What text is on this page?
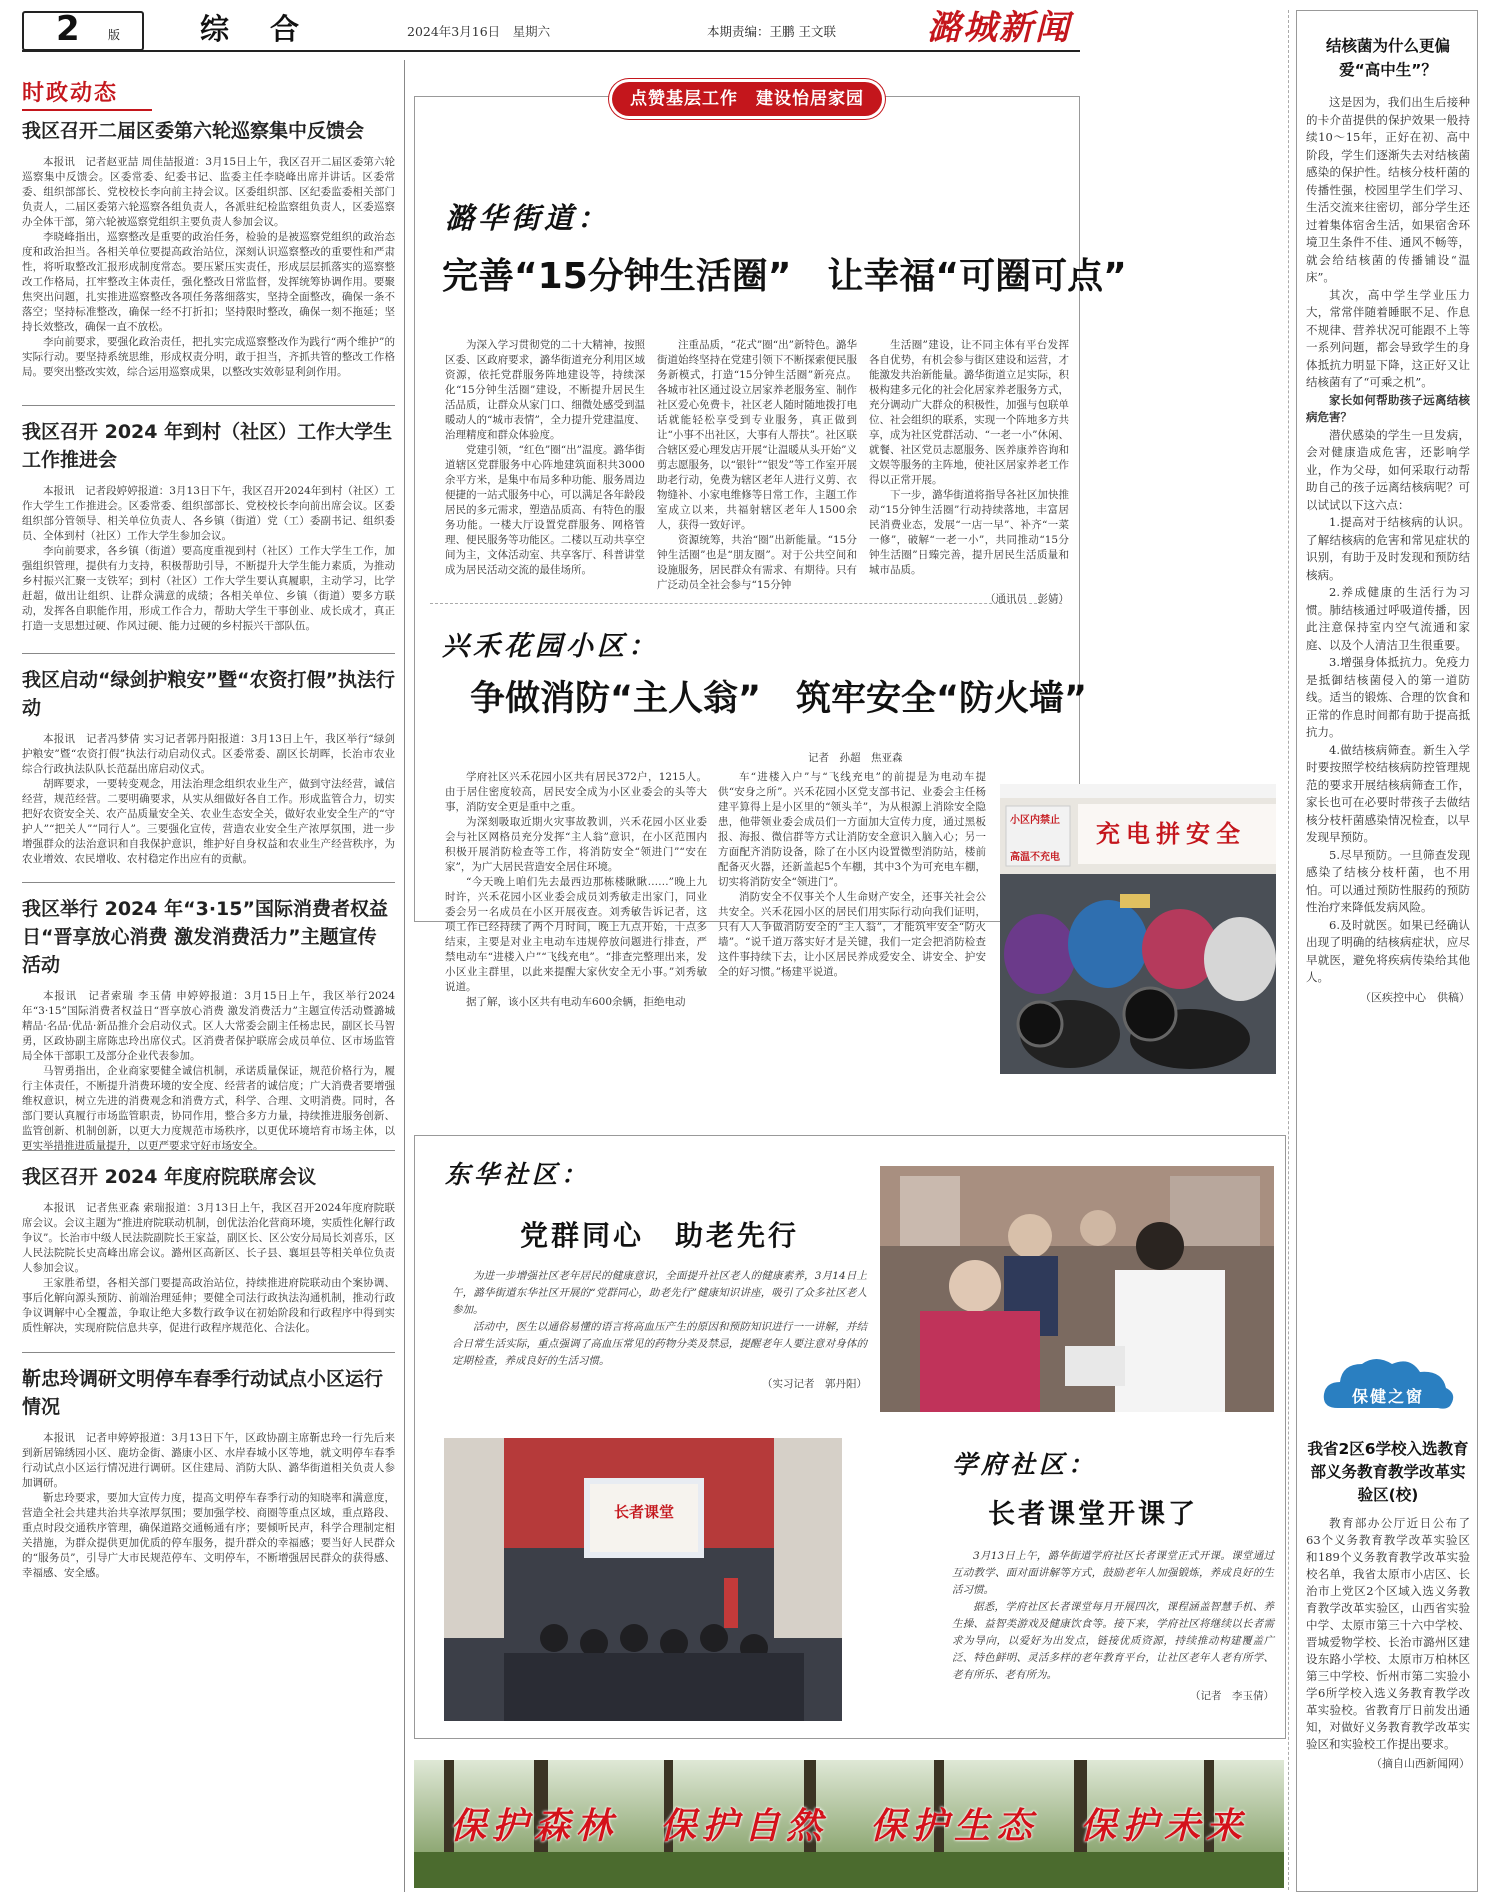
2 版	综　合	2024年3月16日　星期六	本期责编：王鹏 王文联	潞城新闻
时政动态
我区召开二届区委第六轮巡察集中反馈会

本报讯　记者赵亚喆 周佳喆报道：3月15日上午，我区召开二届区委第六轮巡察集中反馈会。区委常委、纪委书记、监委主任李晓峰出席并讲话。区委常委、组织部部长、党校校长李向前主持会议。区委组织部、区纪委监委相关部门负责人，二届区委第六轮巡察各组负责人，各派驻纪检监察组负责人，区委巡察办全体干部，第六轮被巡察党组织主要负责人参加会议。

李晓峰指出，巡察整改是重要的政治任务，检验的是被巡察党组织的政治态度和政治担当。各相关单位要提高政治站位，深刻认识巡察整改的重要性和严肃性，将听取整改汇报形成制度常态。要压紧压实责任，形成层层抓落实的巡察整改工作格局，扛牢整改主体责任，强化整改日常监督，发挥统筹协调作用。要聚焦突出问题，扎实推进巡察整改各项任务落细落实，坚持全面整改，确保一条不落空；坚持标准整改，确保一经不打折扣；坚持限时整改，确保一刻不拖延；坚持长效整改，确保一直不放松。

李向前要求，要强化政治责任，把扎实完成巡察整改作为践行“两个维护”的实际行动。要坚持系统思维，形成权责分明，敢于担当，齐抓共管的整改工作格局。要突出整改实效，综合运用巡察成果，以整改实效彰显利剑作用。

我区召开 2024 年到村（社区）工作大学生工作推进会

本报讯　记者段婷婷报道：3月13日下午，我区召开2024年到村（社区）工作大学生工作推进会。区委常委、组织部部长、党校校长李向前出席会议。区委组织部分管领导、相关单位负责人、各乡镇（街道）党（工）委副书记、组织委员、全体到村（社区）工作大学生参加会议。

李向前要求，各乡镇（街道）要高度重视到村（社区）工作大学生工作，加强组织管理，提供有力支持，积极帮助引导，不断提升大学生能力素质，为推动乡村振兴汇聚一支铁军；到村（社区）工作大学生要认真履职，主动学习，比学赶超，做出让组织、让群众满意的成绩；各相关单位、乡镇（街道）要多方联动，发挥各自职能作用，形成工作合力，帮助大学生干事创业、成长成才，真正打造一支思想过硬、作风过硬、能力过硬的乡村振兴干部队伍。

我区启动“绿剑护粮安”暨“农资打假”执法行动

本报讯　记者冯梦倩 实习记者郭丹阳报道：3月13日上午，我区举行“绿剑护粮安”暨“农资打假”执法行动启动仪式。区委常委、副区长胡晖，长治市农业综合行政执法队队长范磊出席启动仪式。

胡晖要求，一要转变观念，用法治理念组织农业生产，做到守法经营，诚信经营，规范经营。二要明确要求，从实从细做好各自工作。形成监管合力，切实把好农资安全关、农产品质量安全关、农业生态安全关，做好农业安全生产的“守护人”“把关人”“同行人”。三要强化宣传，营造农业安全生产浓厚氛围，进一步增强群众的法治意识和自我保护意识，维护好自身权益和农业生产经营秩序，为农业增效、农民增收、农村稳定作出应有的贡献。

我区举行 2024 年“3·15”国际消费者权益日“晋享放心消费 激发消费活力”主题宣传活动

本报讯　记者索瑞 李玉倩 申婷婷报道：3月15日上午，我区举行2024年“3·15”国际消费者权益日“晋享放心消费 激发消费活力”主题宣传活动暨潞城精品·名品·优品·新品推介会启动仪式。区人大常委会副主任杨忠民，副区长马智勇，区政协副主席陈忠玲出席仪式。区消费者保护联席会成员单位、区市场监管局全体干部职工及部分企业代表参加。

马智勇指出，企业商家要健全诚信机制，承诺质量保证，规范价格行为，履行主体责任，不断提升消费环境的安全度、经营者的诚信度；广大消费者要增强维权意识，树立先进的消费观念和消费方式，科学、合理、文明消费。同时，各部门要认真履行市场监管职责，协同作用，整合多方力量，持续推进服务创新、监管创新、机制创新，以更大力度规范市场秩序，以更优环境培育市场主体，以更实举措推进质量提升，以更严要求守好市场安全。

我区召开 2024 年度府院联席会议

本报讯　记者焦亚森 索瑞报道：3月13日上午，我区召开2024年度府院联席会议。会议主题为“推进府院联动机制，创优法治化营商环境，实质性化解行政争议”。长治市中级人民法院副院长王家益，副区长、区公安分局局长刘喜乐，区人民法院院长史高峰出席会议。潞州区高新区、长子县、襄垣县等相关单位负责人参加会议。

王家胜希望，各相关部门要提高政治站位，持续推进府院联动由个案协调、事后化解向源头预防、前端治理延伸；要健全司法行政执法沟通机制，推动行政争议调解中心全覆盖，争取让绝大多数行政争议在初始阶段和行政程序中得到实质性解决，实现府院信息共享，促进行政程序规范化、合法化。

靳忠玲调研文明停车春季行动试点小区运行情况

本报讯　记者申婷婷报道：3月13日下午，区政协副主席靳忠玲一行先后来到新居锦绣园小区、鹿坊金街、潞康小区、水岸春城小区等地，就文明停车春季行动试点小区运行情况进行调研。区住建局、消防大队、潞华街道相关负责人参加调研。

靳忠玲要求，要加大宣传力度，提高文明停车春季行动的知晓率和满意度，营造全社会共建共治共享浓厚氛围；要加强学校、商圈等重点区域，重点路段、重点时段交通秩序管理，确保道路交通畅通有序；要倾听民声，科学合理制定相关措施，为群众提供更加优质的停车服务，提升群众的幸福感；要当好人民群众的“服务员”，引导广大市民规范停车、文明停车，不断增强居民群众的获得感、幸福感、安全感。

点赞基层工作　建设怡居家园
潞华街道：
完善“15分钟生活圈”　让幸福“可圈可点”

为深入学习贯彻党的二十大精神，按照区委、区政府要求，潞华街道充分利用区域资源，依托党群服务阵地建设等，持续深化“15分钟生活圈”建设，不断提升居民生活品质，让群众从家门口、细微处感受到温暖动人的“城市表情”，全力提升党建温度、治理精度和群众体验度。

党建引领，“红色”圈“出”温度。潞华街道辖区党群服务中心阵地建筑面积共3000余平方米，是集中布局多种功能、服务周边便捷的一站式服务中心，可以满足各年龄段居民的多元需求，塑造品质高、有特色的服务功能。一楼大厅设置党群服务、网格管理、便民服务等功能区。二楼以互动共享空间为主，文体活动室、共享客厅、科普讲堂成为居民活动交流的最佳场所。

注重品质，“花式”圈“出”新特色。潞华街道始终坚持在党建引领下不断探索便民服务新模式，打造“15分钟生活圈”新亮点。各城市社区通过设立居家养老服务室、制作社区爱心免费卡，社区老人随时随地拨打电话就能轻松享受到专业服务，真正做到让“小事不出社区，大事有人帮扶”。社区联合辖区爱心理发店开展“让温暖从头开始”义剪志愿服务，以“银针”“银发”等工作室开展助老行动，免费为辖区老年人进行义剪、衣物缝补、小家电维修等日常工作，主题工作室成立以来，共福射辖区老年人1500余人，获得一致好评。

资源统筹，共治“圈”出新能量。“15分钟生活圈”也是“朋友圈”。对于公共空间和设施服务，居民群众有需求、有期待。只有广泛动员全社会参与“15分钟

生活圈”建设，让不同主体有平台发挥各自优势，有机会参与街区建设和运营，才能激发共治新能量。潞华街道立足实际，积极构建多元化的社会化居家养老服务方式，充分调动广大群众的积极性，加强与包联单位、社会组织的联系，实现一个阵地多方共享，成为社区党群活动、“一老一小”休闲、就餐、社区党员志愿服务、医养康养咨询和文娱等服务的主阵地，使社区居家养老工作得以正常开展。

下一步，潞华街道将指导各社区加快推动“15分钟生活圈”行动持续落地，丰富居民消费业态，发展“一店一早”、补齐“一菜一修”，破解“一老一小”，共同推动“15分钟生活圈”日臻完善，提升居民生活质量和城市品质。

（通讯员　彭婧）
兴禾花园小区：
争做消防“主人翁”　筑牢安全“防火墙”
记者　孙超　焦亚森

学府社区兴禾花园小区共有居民372户，1215人。由于居住密度较高，居民安全成为小区业委会的头等大事，消防安全更是重中之重。

为深刻吸取近期火灾事故教训，兴禾花园小区业委会与社区网格员充分发挥“主人翁”意识，在小区范围内积极开展消防检查等工作，将消防安全“领进门”“安在家”，为广大居民营造安全居住环境。

“今天晚上咱们先去最西边那栋楼瞅瞅……”晚上九时许，兴禾花园小区业委会成员刘秀敏走出家门，同业委会另一名成员在小区开展夜查。刘秀敏告诉记者，这项工作已经持续了两个月时间，晚上九点开始，十点多结束，主要是对业主电动车违规停放问题进行排查，严禁电动车“进楼入户”“飞线充电”。“排查完整理出来，发小区业主群里，以此来提醒大家伙安全无小事。”刘秀敏说道。

据了解，该小区共有电动车600余辆，拒绝电动

车“进楼入户”与“飞线充电”的前提是为电动车提供“安身之所”。兴禾花园小区党支部书记、业委会主任杨建平算得上是小区里的“领头羊”，为从根源上消除安全隐患，他带领业委会成员们一方面加大宣传力度，通过黑板报、海报、微信群等方式让消防安全意识入脑入心；另一方面配齐消防设备，除了在小区内设置微型消防站，楼前配备灭火器，还新盖起5个车棚，其中3个为可充电车棚，切实将消防安全“领进门”。

消防安全不仅事关个人生命财产安全，还事关社会公共安全。兴禾花园小区的居民们用实际行动向我们证明，只有人人争做消防安全的“主人翁”，才能筑牢安全“防火墙”。“说千道万落实好才是关键，我们一定会把消防检查这件事持续下去，让小区居民养成爱安全、讲安全、护安全的好习惯。”杨建平说道。

小区内禁止 充电拼安全
高温不充电
东华社区：
党群同心　助老先行

为进一步增强社区老年居民的健康意识，全面提升社区老人的健康素养，3月14日上午，潞华街道东华社区开展的“党群同心，助老先行”健康知识讲座，吸引了众多社区老人参加。

活动中，医生以通俗易懂的语言将高血压产生的原因和预防知识进行一一讲解，并结合日常生活实际，重点强调了高血压常见的药物分类及禁忌，提醒老年人要注意对身体的定期检查，养成良好的生活习惯。

（实习记者　郭丹阳）
长者课堂
学府社区：
长者课堂开课了

3月13日上午，潞华街道学府社区长者课堂正式开课。课堂通过互动教学、面对面讲解等方式，鼓励老年人加强锻炼，养成良好的生活习惯。

据悉，学府社区长者课堂每月开展四次，课程涵盖智慧手机、养生操、益智类游戏及健康饮食等。接下来，学府社区将继续以长者需求为导向，以爱好为出发点，链接优质资源，持续推动构建覆盖广泛、特色鲜明、灵活多样的老年教育平台，让社区老年人老有所学、老有所乐、老有所为。

（记者　李玉倩）
保护森林　保护自然　保护生态　保护未来
结核菌为什么更偏爱“高中生”？

这是因为，我们出生后接种的卡介苗提供的保护效果一般持续10～15年，正好在初、高中阶段，学生们逐渐失去对结核菌感染的保护性。结核分枝杆菌的传播性强，校园里学生们学习、生活交流来往密切，部分学生还过着集体宿舍生活，如果宿舍环境卫生条件不佳、通风不畅等，就会给结核菌的传播铺设“温床”。

其次，高中学生学业压力大，常常伴随着睡眠不足、作息不规律、营养状况可能跟不上等一系列问题，都会导致学生的身体抵抗力明显下降，这正好又让结核菌有了“可乘之机”。

家长如何帮助孩子远离结核病危害？

潜伏感染的学生一旦发病，会对健康造成危害，还影响学业，作为父母，如何采取行动帮助自己的孩子远离结核病呢？可以试试以下这六点：

1.提高对于结核病的认识。了解结核病的危害和常见症状的识别，有助于及时发现和预防结核病。

2.养成健康的生活行为习惯。肺结核通过呼吸道传播，因此注意保持室内空气流通和家庭、以及个人清洁卫生很重要。

3.增强身体抵抗力。免疫力是抵御结核菌侵入的第一道防线。适当的锻炼、合理的饮食和正常的作息时间都有助于提高抵抗力。

4.做结核病筛查。新生入学时要按照学校结核病防控管理规范的要求开展结核病筛查工作，家长也可在必要时带孩子去做结核分枝杆菌感染情况检查，以早发现早预防。

5.尽早预防。一旦筛查发现感染了结核分枝杆菌，也不用怕。可以通过预防性服药的预防性治疗来降低发病风险。

6.及时就医。如果已经确认出现了明确的结核病症状，应尽早就医，避免将疾病传染给其他人。

（区疾控中心　供稿）
保健之窗
我省2区6学校入选教育部义务教育教学改革实验区(校)

教育部办公厅近日公布了63个义务教育教学改革实验区和189个义务教育教学改革实验校名单，我省太原市小店区、长治市上党区2个区域入选义务教育教学改革实验区，山西省实验中学、太原市第三十六中学校、晋城爱物学校、长治市潞州区建设东路小学校、太原市万柏林区第三中学校、忻州市第二实验小学6所学校入选义务教育教学改革实验校。省教育厅日前发出通知，对做好义务教育教学改革实验区和实验校工作提出要求。

（摘自山西新闻网）
